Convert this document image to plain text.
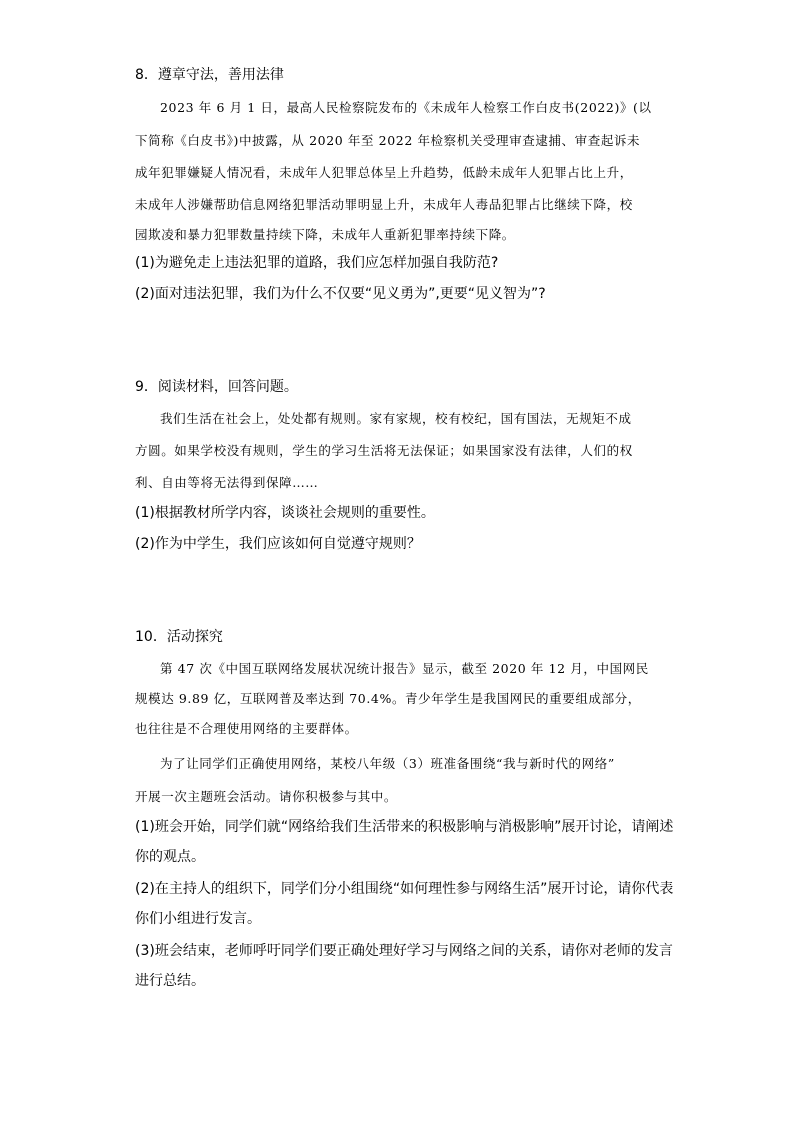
8．遵章守法，善用法律

2023 年 6 月 1 日，最高人民检察院发布的《未成年人检察工作白皮书(2022)》(以

下简称《白皮书》)中披露，从 2020 年至 2022 年检察机关受理审查逮捕、审查起诉未

成年犯罪嫌疑人情况看，未成年人犯罪总体呈上升趋势，低龄未成年人犯罪占比上升，

未成年人涉嫌帮助信息网络犯罪活动罪明显上升，未成年人毒品犯罪占比继续下降，校

园欺凌和暴力犯罪数量持续下降，未成年人重新犯罪率持续下降。

(1)为避免走上违法犯罪的道路，我们应怎样加强自我防范?

(2)面对违法犯罪，我们为什么不仅要“见义勇为”,更要“见义智为”?

9．阅读材料，回答问题。

我们生活在社会上，处处都有规则。家有家规，校有校纪，国有国法，无规矩不成

方圆。如果学校没有规则，学生的学习生活将无法保证；如果国家没有法律，人们的权

利、自由等将无法得到保障……

(1)根据教材所学内容，谈谈社会规则的重要性。

(2)作为中学生，我们应该如何自觉遵守规则？

10．活动探究

第 47 次《中国互联网络发展状况统计报告》显示，截至 2020 年 12 月，中国网民

规模达 9.89 亿，互联网普及率达到 70.4%。青少年学生是我国网民的重要组成部分，

也往往是不合理使用网络的主要群体。

为了让同学们正确使用网络，某校八年级（3）班准备围绕“我与新时代的网络”

开展一次主题班会活动。请你积极参与其中。

(1)班会开始，同学们就“网络给我们生活带来的积极影响与消极影响”展开讨论，请阐述

你的观点。

(2)在主持人的组织下，同学们分小组围绕“如何理性参与网络生活”展开讨论，请你代表

你们小组进行发言。

(3)班会结束，老师呼吁同学们要正确处理好学习与网络之间的关系，请你对老师的发言

进行总结。
